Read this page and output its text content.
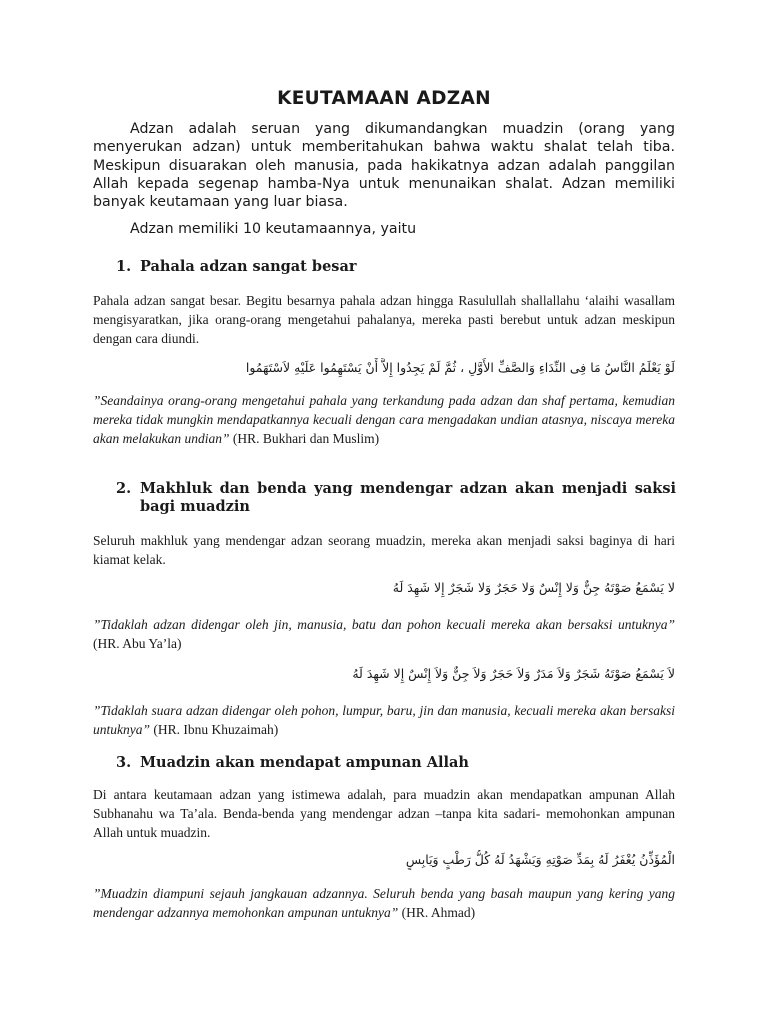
KEUTAMAAN ADZAN

Adzan adalah seruan yang dikumandangkan muadzin (orang yang menyerukan adzan) untuk memberitahukan bahwa waktu shalat telah tiba. Meskipun disuarakan oleh manusia, pada hakikatnya adzan adalah panggilan Allah kepada segenap hamba-Nya untuk menunaikan shalat. Adzan memiliki banyak keutamaan yang luar biasa.

Adzan memiliki 10 keutamaannya, yaitu

1. Pahala adzan sangat besar

Pahala adzan sangat besar. Begitu besarnya pahala adzan hingga Rasulullah shallallahu ‘alaihi wasallam mengisyaratkan, jika orang-orang mengetahui pahalanya, mereka pasti berebut untuk adzan meskipun dengan cara diundi.

لَوْ يَعْلَمُ النَّاسُ مَا فِى النِّدَاءِ وَالصَّفِّ الأَوَّلِ ، ثُمَّ لَمْ يَجِدُوا إِلاَّ أَنْ يَسْتَهِمُوا عَلَيْهِ لاَسْتَهَمُوا

”Seandainya orang-orang mengetahui pahala yang terkandung pada adzan dan shaf pertama, kemudian mereka tidak mungkin mendapatkannya kecuali dengan cara mengadakan undian atasnya, niscaya mereka akan melakukan undian” (HR. Bukhari dan Muslim)

2. Makhluk dan benda yang mendengar adzan akan menjadi saksi bagi muadzin

Seluruh makhluk yang mendengar adzan seorang muadzin, mereka akan menjadi saksi baginya di hari kiamat kelak.

لا يَسْمَعُ صَوْتَهُ جِنٌّ وَلا إِنْسٌ وَلا حَجَرٌ وَلا شَجَرٌ إِلا شَهِدَ لَهُ

”Tidaklah adzan didengar oleh jin, manusia, batu dan pohon kecuali mereka akan bersaksi untuknya” (HR. Abu Ya’la)

لاَ يَسْمَعُ صَوْتَهُ شَجَرٌ وَلاَ مَدَرٌ وَلاَ حَجَرٌ وَلاَ جِنٌّ وَلاَ إِنْسٌ إِلا شَهِدَ لَهُ

”Tidaklah suara adzan didengar oleh pohon, lumpur, baru, jin dan manusia, kecuali mereka akan bersaksi untuknya” (HR. Ibnu Khuzaimah)

3. Muadzin akan mendapat ampunan Allah

Di antara keutamaan adzan yang istimewa adalah, para muadzin akan mendapatkan ampunan Allah Subhanahu wa Ta’ala. Benda-benda yang mendengar adzan –tanpa kita sadari- memohonkan ampunan Allah untuk muadzin.

الْمُؤَذِّنُ يُغْفَرُ لَهُ بِمَدِّ صَوْتِهِ وَيَشْهَدُ لَهُ كُلُّ رَطْبٍ وَيَابِسٍ

”Muadzin diampuni sejauh jangkauan adzannya. Seluruh benda yang basah maupun yang kering yang mendengar adzannya memohonkan ampunan untuknya” (HR. Ahmad)
